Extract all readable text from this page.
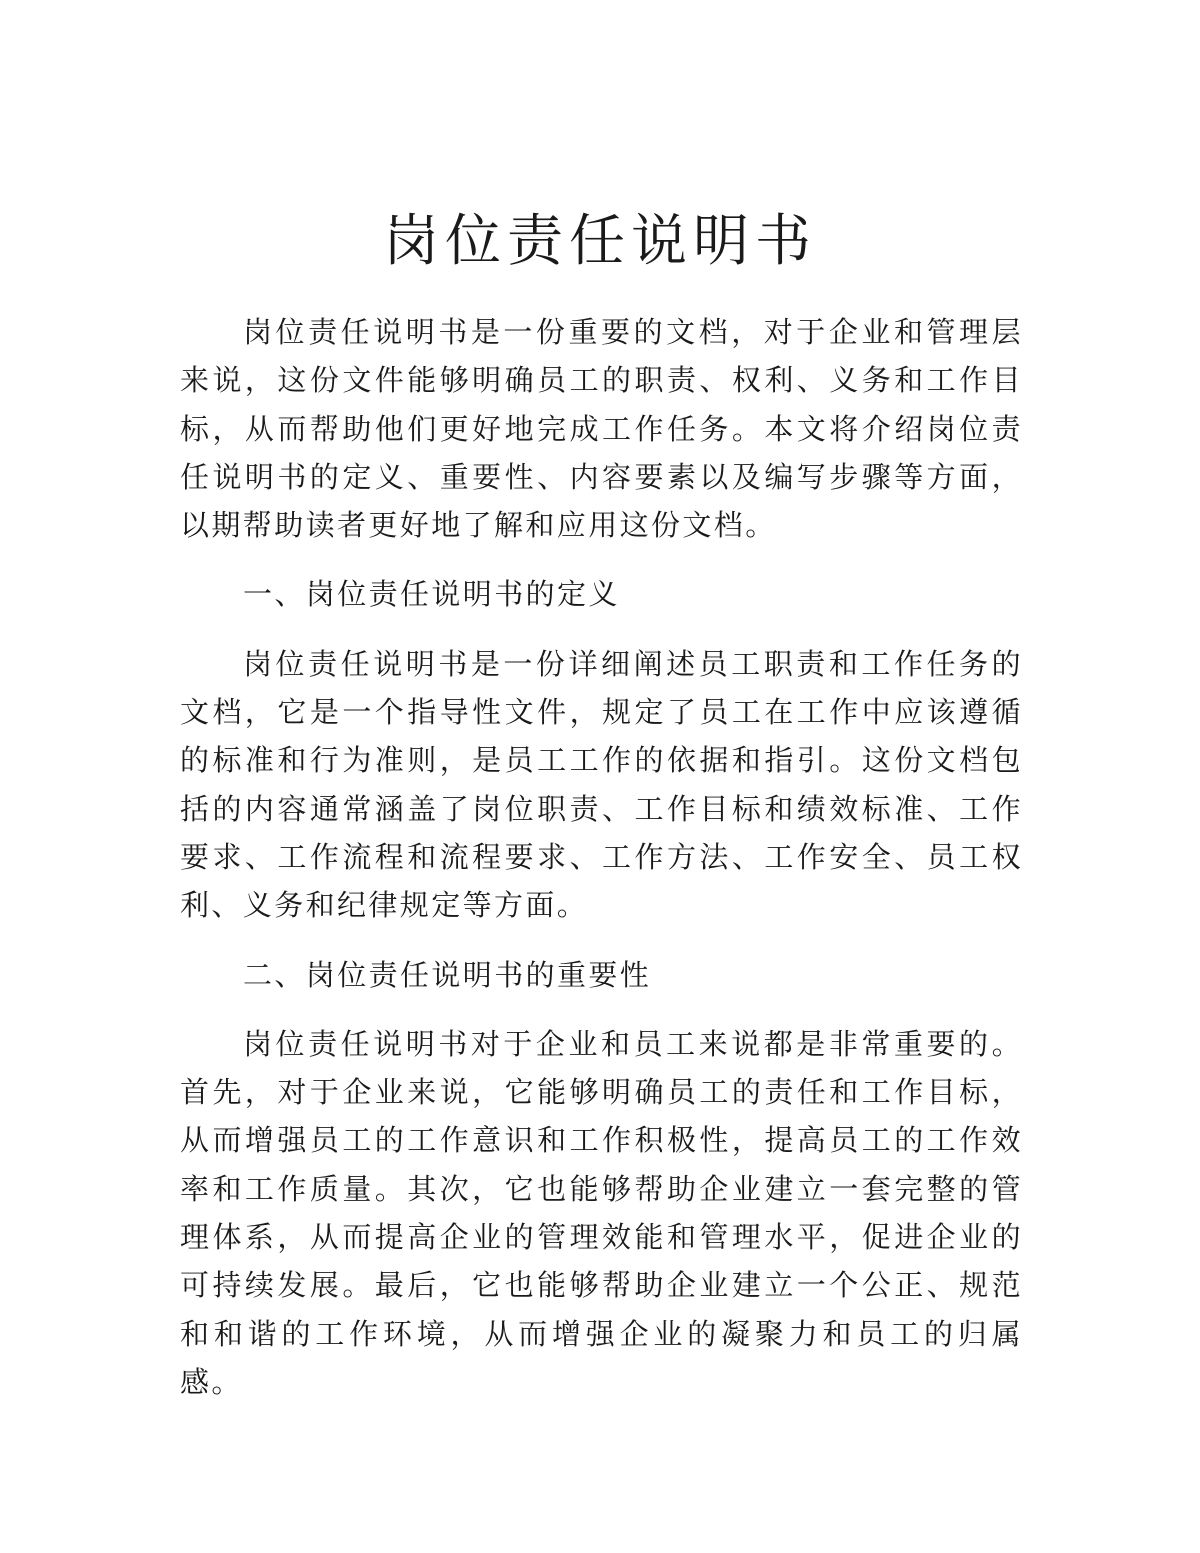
岗位责任说明书

岗位责任说明书是一份重要的文档，对于企业和管理层来说，这份文件能够明确员工的职责、权利、义务和工作目标，从而帮助他们更好地完成工作任务。本文将介绍岗位责任说明书的定义、重要性、内容要素以及编写步骤等方面，以期帮助读者更好地了解和应用这份文档。

一、岗位责任说明书的定义

岗位责任说明书是一份详细阐述员工职责和工作任务的文档，它是一个指导性文件，规定了员工在工作中应该遵循的标准和行为准则，是员工工作的依据和指引。这份文档包括的内容通常涵盖了岗位职责、工作目标和绩效标准、工作要求、工作流程和流程要求、工作方法、工作安全、员工权利、义务和纪律规定等方面。

二、岗位责任说明书的重要性

岗位责任说明书对于企业和员工来说都是非常重要的。首先，对于企业来说，它能够明确员工的责任和工作目标，从而增强员工的工作意识和工作积极性，提高员工的工作效率和工作质量。其次，它也能够帮助企业建立一套完整的管理体系，从而提高企业的管理效能和管理水平，促进企业的可持续发展。最后，它也能够帮助企业建立一个公正、规范和和谐的工作环境，从而增强企业的凝聚力和员工的归属感。
